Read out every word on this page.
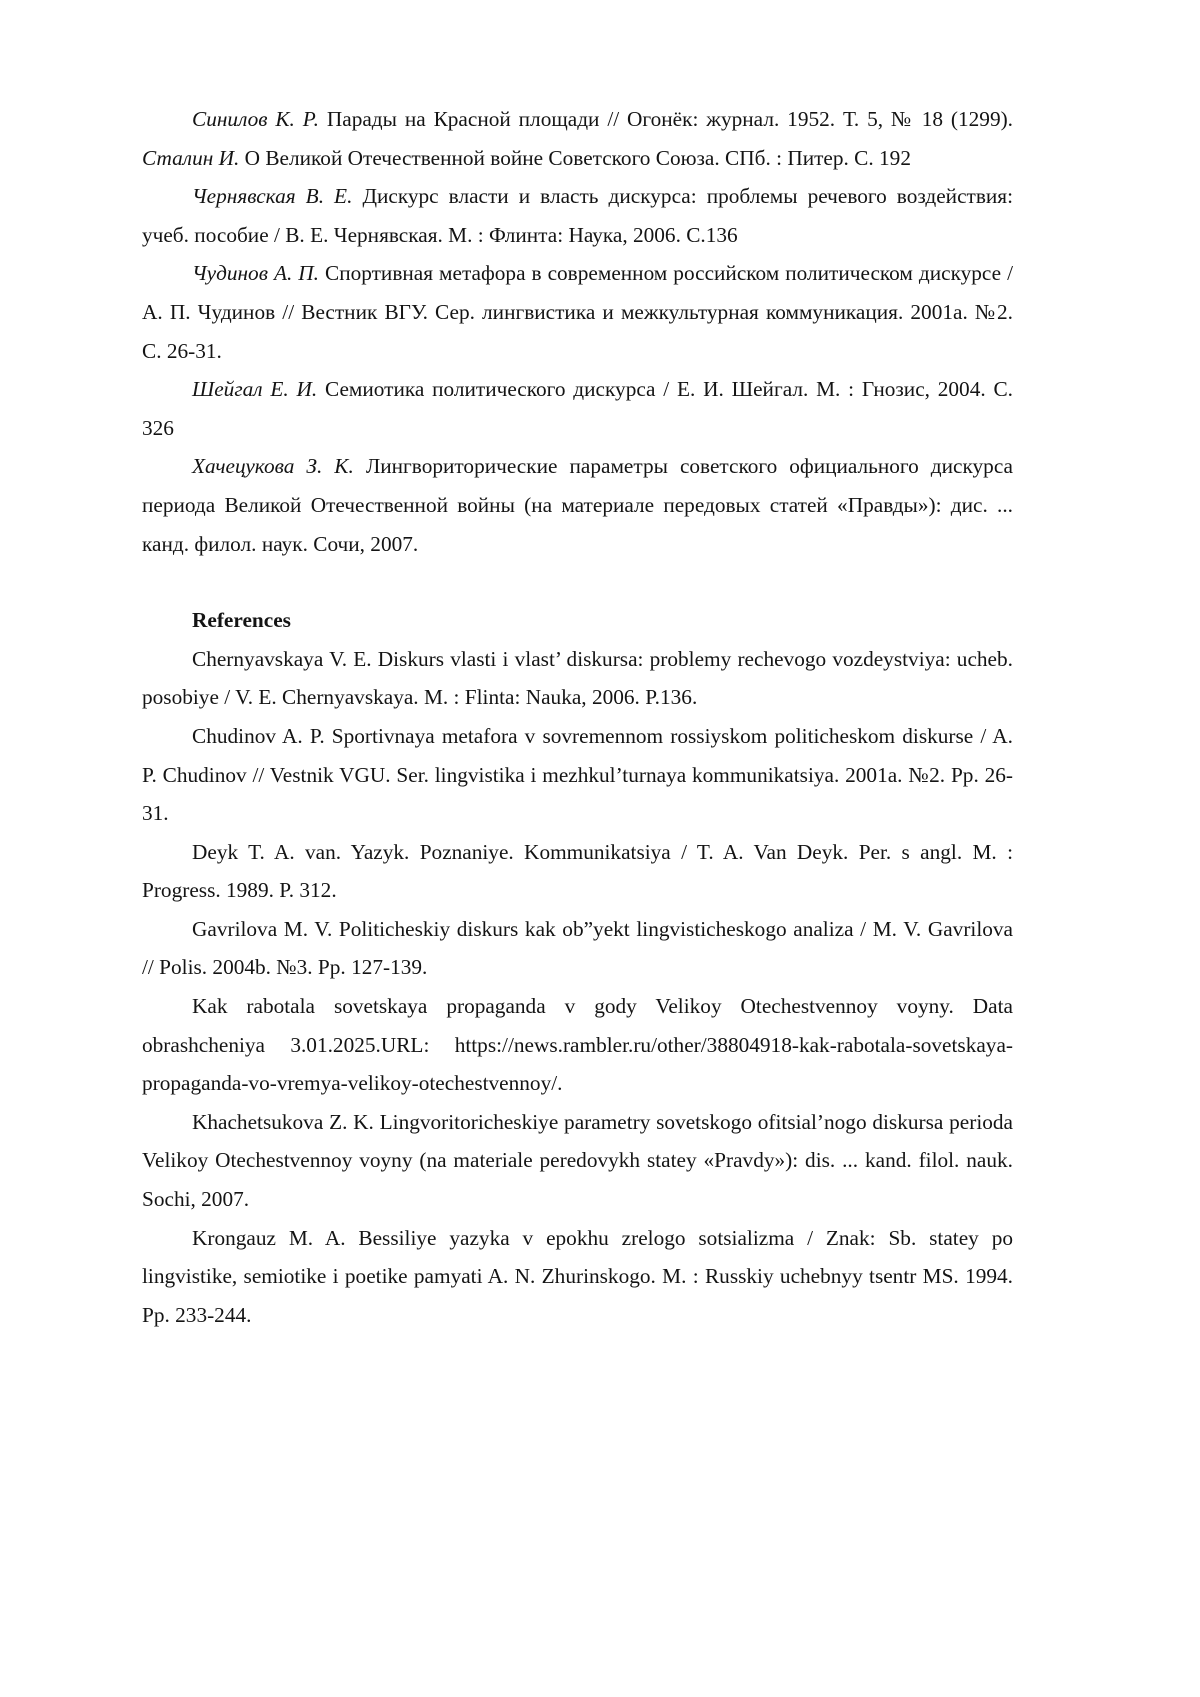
Синилов К. Р. Парады на Красной площади // Огонёк: журнал. 1952. Т. 5, № 18 (1299). Сталин И. О Великой Отечественной войне Советского Союза. СПб. : Питер. С. 192

Чернявская В. Е. Дискурс власти и власть дискурса: проблемы речевого воздействия: учеб. пособие / В. Е. Чернявская. М. : Флинта: Наука, 2006. С.136

Чудинов А. П. Спортивная метафора в современном российском политическом дискурсе / А. П. Чудинов // Вестник ВГУ. Сер. лингвистика и межкультурная коммуникация. 2001a. №2. С. 26-31.

Шейгал Е. И. Семиотика политического дискурса / Е. И. Шейгал. М. : Гнозис, 2004. С. 326

Хачецукова З. К. Лингвориторические параметры советского официального дискурса периода Великой Отечественной войны (на материале передовых статей «Правды»): дис. ... канд. филол. наук. Сочи, 2007.

References

Chernyavskaya V. E. Diskurs vlasti i vlast’ diskursa: problemy rechevogo vozdeystviya: ucheb. posobiye / V. E. Chernyavskaya. M. : Flinta: Nauka, 2006. P.136.

Chudinov A. P. Sportivnaya metafora v sovremennom rossiyskom politicheskom diskurse / A. P. Chudinov // Vestnik VGU. Ser. lingvistika i mezhkul’turnaya kommunikatsiya. 2001a. №2. Pp. 26-31.

Deyk T. A. van. Yazyk. Poznaniye. Kommunikatsiya / T. A. Van Deyk. Per. s angl. M. : Progress. 1989. P. 312.

Gavrilova M. V. Politicheskiy diskurs kak ob”yekt lingvisticheskogo analiza / M. V. Gavrilova // Polis. 2004b. №3. Pp. 127-139.

Kak rabotala sovetskaya propaganda v gody Velikoy Otechestvennoy voyny. Data obrashcheniya 3.01.2025.URL: https://news.rambler.ru/other/38804918-kak-rabotala-sovetskaya-propaganda-vo-vremya-velikoy-otechestvennoy/.

Khachetsukova Z. K. Lingvoritoricheskiye parametry sovetskogo ofitsial’nogo diskursa perioda Velikoy Otechestvennoy voyny (na materiale peredovykh statey «Pravdy»): dis. ... kand. filol. nauk. Sochi, 2007.

Krongauz M. A. Bessiliye yazyka v epokhu zrelogo sotsializma / Znak: Sb. statey po lingvistike, semiotike i poetike pamyati A. N. Zhurinskogo. M. : Russkiy uchebnyy tsentr MS. 1994. Pp. 233-244.
